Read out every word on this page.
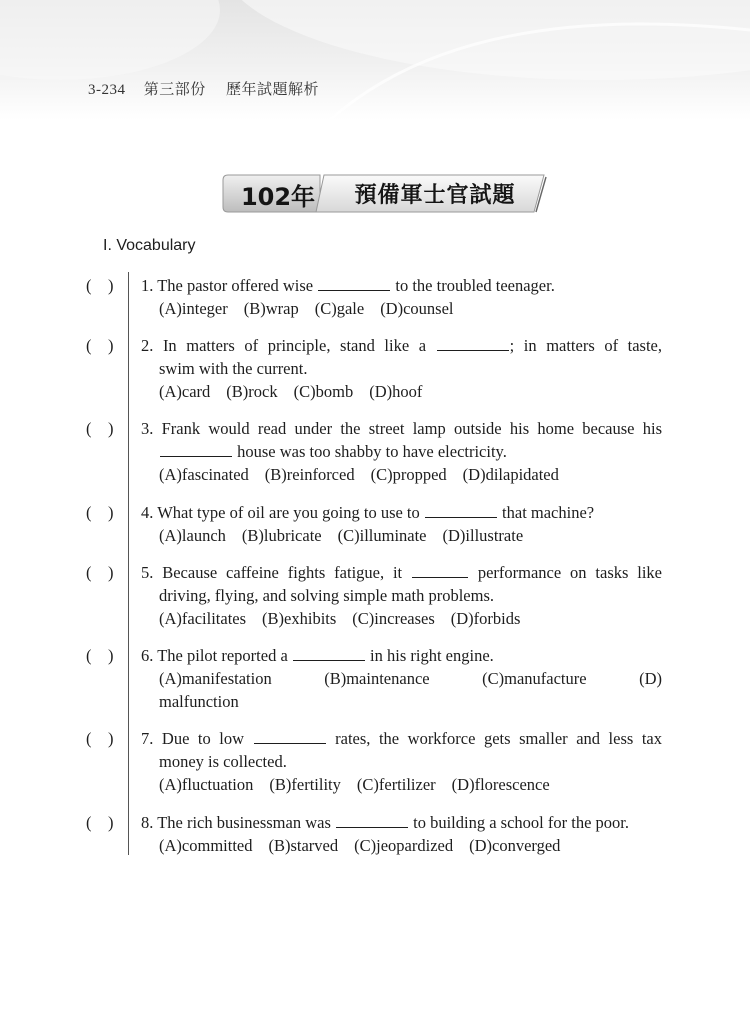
3-234 第三部份 歷年試題解析
102年	預備軍士官試題
I. Vocabulary
(    )	1. The pastor offered wise	to the troubled teenager.
(A)integer (B)wrap (C)gale (D)counsel
(    )	2. In matters of principle, stand like a	; in matters of taste,
swim with the current.
(A)card (B)rock (C)bomb (D)hoof
(    )	3. Frank would read under the street lamp outside his home because his
house was too shabby to have electricity.
(A)fascinated (B)reinforced (C)propped (D)dilapidated
(    )	4. What type of oil are you going to use to	that machine?
(A)launch (B)lubricate (C)illuminate (D)illustrate
(    )	5. Because caffeine fights fatigue, it	performance on tasks like
driving, flying, and solving simple math problems.
(A)facilitates (B)exhibits (C)increases (D)forbids
(    )	6. The pilot reported a	in his right engine.
(A)manifestation    (B)maintenance    (C)manufacture    (D)
malfunction
(    )	7. Due to low	rates, the workforce gets smaller and less tax
money is collected.
(A)fluctuation (B)fertility (C)fertilizer (D)florescence
(    )	8. The rich businessman was	to building a school for the poor.
(A)committed (B)starved (C)jeopardized (D)converged
